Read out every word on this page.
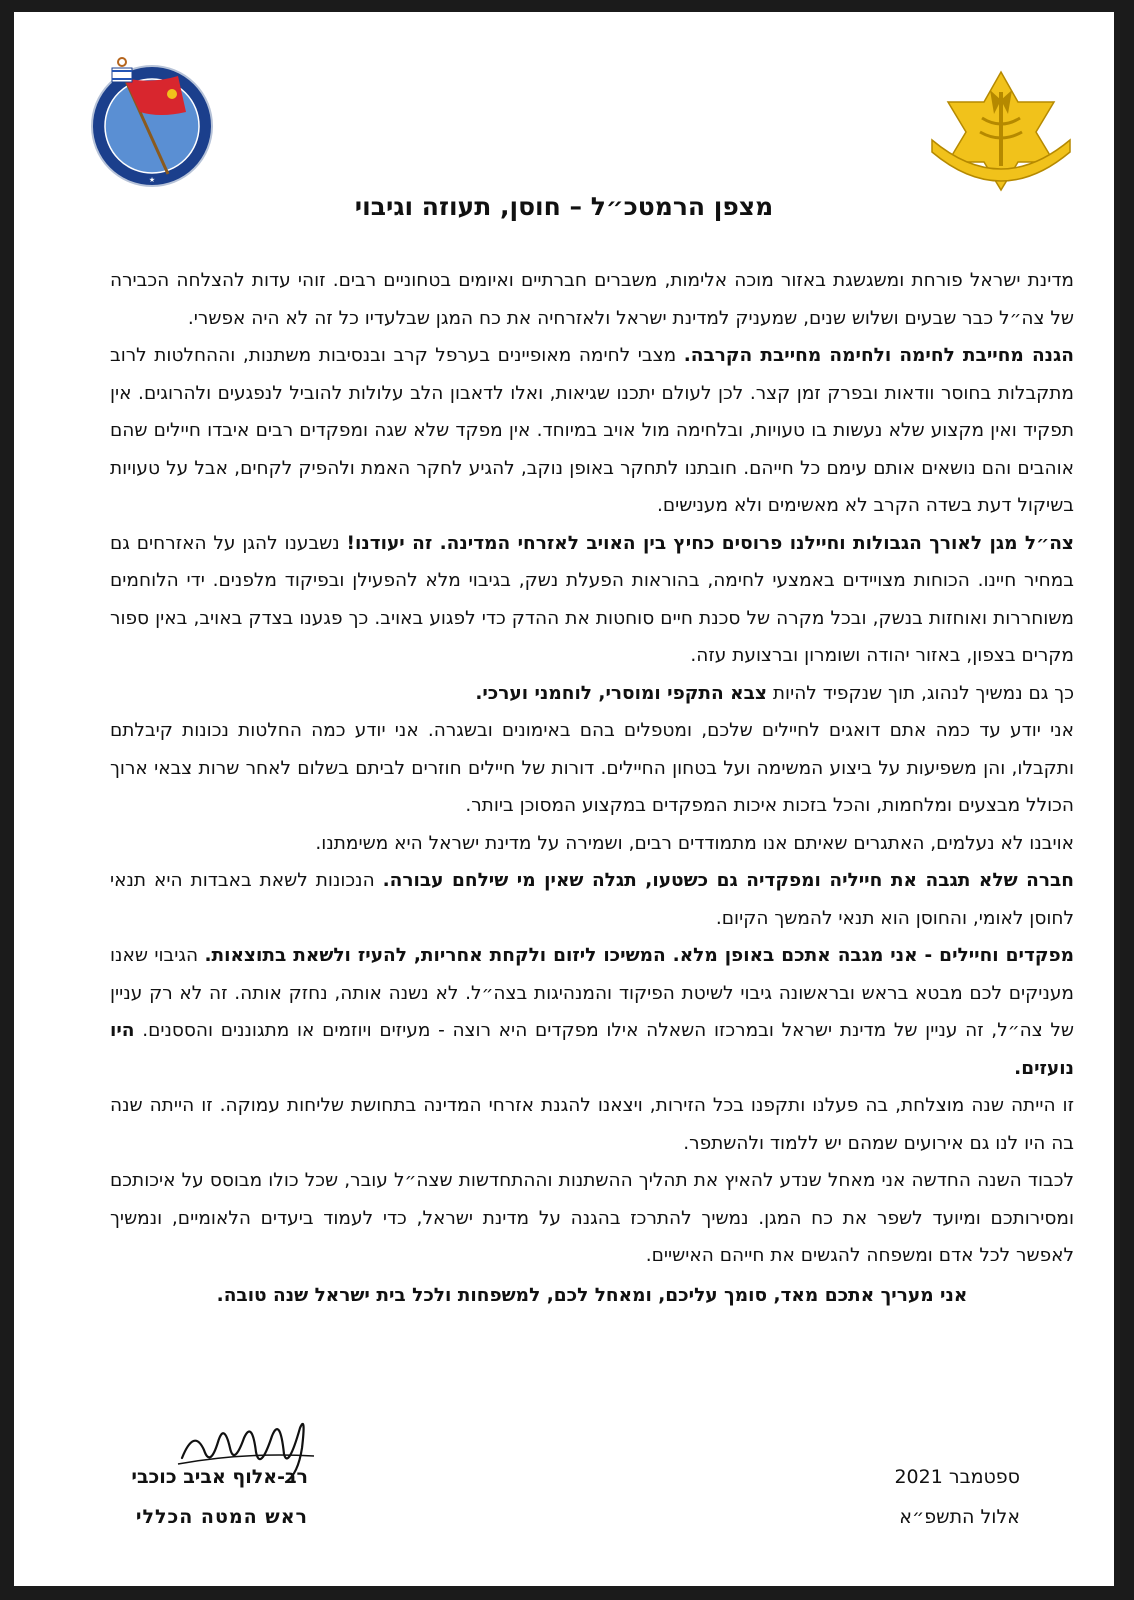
★
מצפן הרמטכ״ל – חוסן, תעוזה וגיבוי

מדינת ישראל פורחת ומשגשגת באזור מוכה אלימות, משברים חברתיים ואיומים בטחוניים רבים. זוהי עדות להצלחה הכבירה של צה״ל כבר שבעים ושלוש שנים, שמעניק למדינת ישראל ולאזרחיה את כח המגן שבלעדיו כל זה לא היה אפשרי.

הגנה מחייבת לחימה ולחימה מחייבת הקרבה. מצבי לחימה מאופיינים בערפל קרב ובנסיבות משתנות, וההחלטות לרוב מתקבלות בחוסר וודאות ובפרק זמן קצר. לכן לעולם יתכנו שגיאות, ואלו לדאבון הלב עלולות להוביל לנפגעים ולהרוגים. אין תפקיד ואין מקצוע שלא נעשות בו טעויות, ובלחימה מול אויב במיוחד. אין מפקד שלא שגה ומפקדים רבים איבדו חיילים שהם אוהבים והם נושאים אותם עימם כל חייהם. חובתנו לתחקר באופן נוקב, להגיע לחקר האמת ולהפיק לקחים, אבל על טעויות בשיקול דעת בשדה הקרב לא מאשימים ולא מענישים.

צה״ל מגן לאורך הגבולות וחיילנו פרוסים כחיץ בין האויב לאזרחי המדינה. זה יעודנו! נשבענו להגן על האזרחים גם במחיר חיינו. הכוחות מצויידים באמצעי לחימה, בהוראות הפעלת נשק, בגיבוי מלא להפעילן ובפיקוד מלפנים. ידי הלוחמים משוחררות ואוחזות בנשק, ובכל מקרה של סכנת חיים סוחטות את ההדק כדי לפגוע באויב. כך פגענו בצדק באויב, באין ספור מקרים בצפון, באזור יהודה ושומרון וברצועת עזה.

כך גם נמשיך לנהוג, תוך שנקפיד להיות צבא התקפי ומוסרי, לוחמני וערכי.

אני יודע עד כמה אתם דואגים לחיילים שלכם, ומטפלים בהם באימונים ובשגרה. אני יודע כמה החלטות נכונות קיבלתם ותקבלו, והן משפיעות על ביצוע המשימה ועל בטחון החיילים. דורות של חיילים חוזרים לביתם בשלום לאחר שרות צבאי ארוך הכולל מבצעים ומלחמות, והכל בזכות איכות המפקדים במקצוע המסוכן ביותר.

אויבנו לא נעלמים, האתגרים שאיתם אנו מתמודדים רבים, ושמירה על מדינת ישראל היא משימתנו.

חברה שלא תגבה את חייליה ומפקדיה גם כשטעו, תגלה שאין מי שילחם עבורה. הנכונות לשאת באבדות היא תנאי לחוסן לאומי, והחוסן הוא תנאי להמשך הקיום.

מפקדים וחיילים - אני מגבה אתכם באופן מלא. המשיכו ליזום ולקחת אחריות, להעיז ולשאת בתוצאות. הגיבוי שאנו מעניקים לכם מבטא בראש ובראשונה גיבוי לשיטת הפיקוד והמנהיגות בצה״ל. לא נשנה אותה, נחזק אותה. זה לא רק עניין של צה״ל, זה עניין של מדינת ישראל ובמרכזו השאלה אילו מפקדים היא רוצה - מעיזים ויוזמים או מתגוננים והססנים. היו נועזים.

זו הייתה שנה מוצלחת, בה פעלנו ותקפנו בכל הזירות, ויצאנו להגנת אזרחי המדינה בתחושת שליחות עמוקה. זו הייתה שנה בה היו לנו גם אירועים שמהם יש ללמוד ולהשתפר.

לכבוד השנה החדשה אני מאחל שנדע להאיץ את תהליך ההשתנות וההתחדשות שצה״ל עובר, שכל כולו מבוסס על איכותכם ומסירותכם ומיועד לשפר את כח המגן. נמשיך להתרכז בהגנה על מדינת ישראל, כדי לעמוד ביעדים הלאומיים, ונמשיך לאפשר לכל אדם ומשפחה להגשים את חייהם האישיים.

אני מעריך אתכם מאד, סומך עליכם, ומאחל לכם, למשפחות ולכל בית ישראל שנה טובה.

רב-אלוף אביב כוכבי
ראש המטה הכללי
ספטמבר 2021
אלול התשפ״א
